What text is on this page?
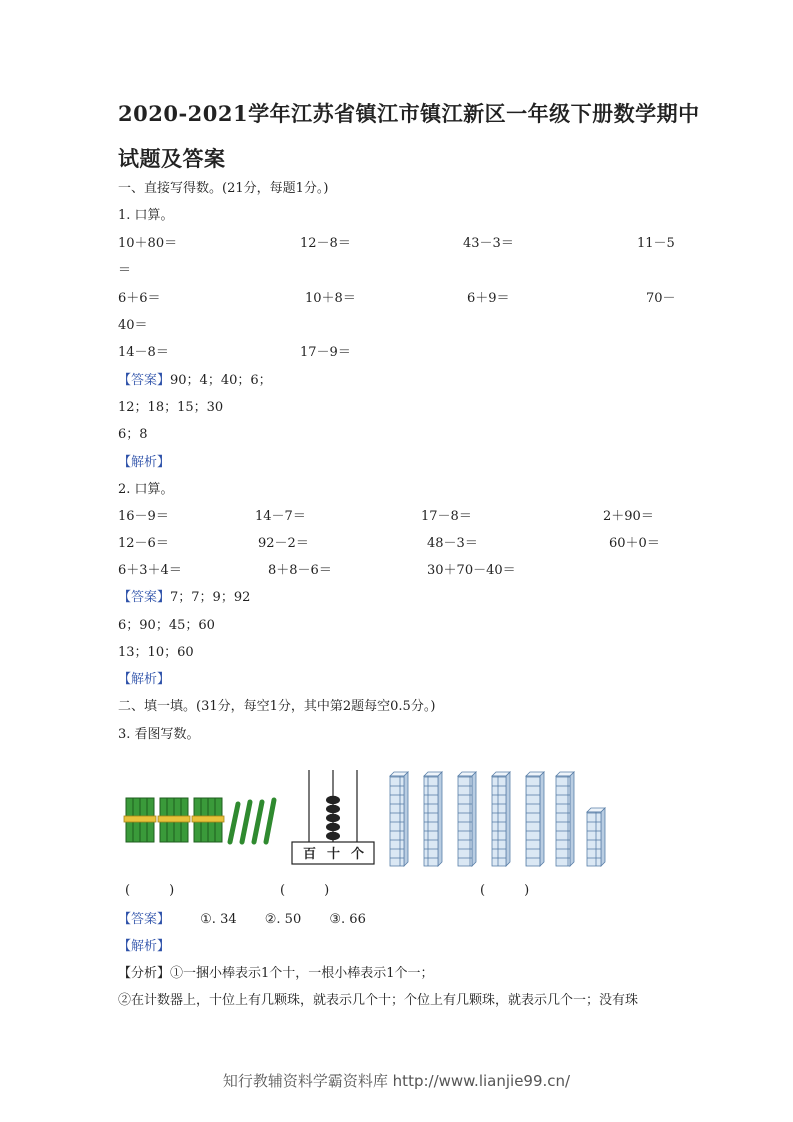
2020-2021学年江苏省镇江市镇江新区一年级下册数学期中
试题及答案
一、直接写得数。(21分，每题1分。)
1. 口算。
10＋80＝	12－8＝	43－3＝	11－5
＝
6＋6＝	10＋8＝	6＋9＝	70－
40＝
14－8＝	17－9＝
【答案】90；4；40；6；
12；18；15；30
6；8
【解析】
2. 口算。
16－9＝	14－7＝	17－8＝	2＋90＝
12－6＝	92－2＝	48－3＝	60＋0＝
6＋3＋4＝	8＋8－6＝	30＋70－40＝
【答案】7；7；9；92
6；90；45；60
13；10；60
【解析】
二、填一填。(31分，每空1分，其中第2题每空0.5分。)
3. 看图写数。
百 十 个
(　　　)	(　　　)	(　　　)
【答案】 ①. 34 ②. 50 ③. 66
【解析】
【分析】①一捆小棒表示1个十，一根小棒表示1个一；
②在计数器上，十位上有几颗珠，就表示几个十；个位上有几颗珠，就表示几个一；没有珠
知行教辅资料学霸资料库 http://www.lianjie99.cn/
